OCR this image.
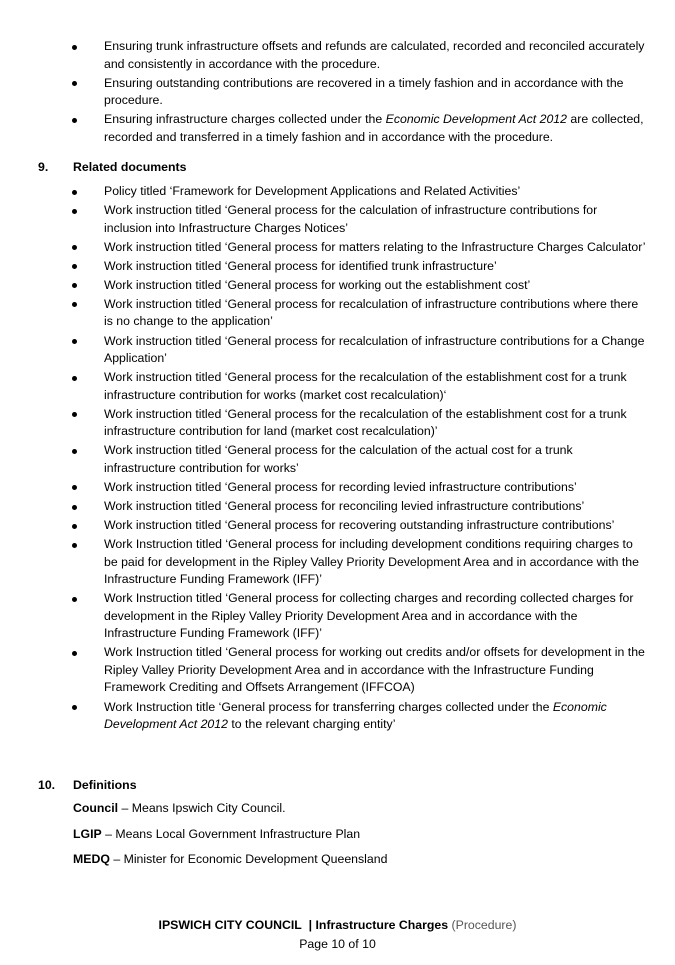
Ensuring trunk infrastructure offsets and refunds are calculated, recorded and reconciled accurately and consistently in accordance with the procedure.
Ensuring outstanding contributions are recovered in a timely fashion and in accordance with the procedure.
Ensuring infrastructure charges collected under the Economic Development Act 2012 are collected, recorded and transferred in a timely fashion and in accordance with the procedure.
9. Related documents
Policy titled ‘Framework for Development Applications and Related Activities’
Work instruction titled ‘General process for the calculation of infrastructure contributions for inclusion into Infrastructure Charges Notices’
Work instruction titled ‘General process for matters relating to the Infrastructure Charges Calculator’
Work instruction titled ‘General process for identified trunk infrastructure’
Work instruction titled ‘General process for working out the establishment cost’
Work instruction titled ‘General process for recalculation of infrastructure contributions where there is no change to the application’
Work instruction titled ‘General process for recalculation of infrastructure contributions for a Change Application’
Work instruction titled ‘General process for the recalculation of the establishment cost for a trunk infrastructure contribution for works (market cost recalculation)‘
Work instruction titled ‘General process for the recalculation of the establishment cost for a trunk infrastructure contribution for land (market cost recalculation)’
Work instruction titled ‘General process for the calculation of the actual cost for a trunk infrastructure contribution for works’
Work instruction titled ‘General process for recording levied infrastructure contributions’
Work instruction titled ‘General process for reconciling levied infrastructure contributions’
Work instruction titled ‘General process for recovering outstanding infrastructure contributions’
Work Instruction titled ‘General process for including development conditions requiring charges to be paid for development in the Ripley Valley Priority Development Area and in accordance with the Infrastructure Funding Framework (IFF)’
Work Instruction titled ‘General process for collecting charges and recording collected charges for development in the Ripley Valley Priority Development Area and in accordance with the Infrastructure Funding Framework (IFF)’
Work Instruction titled ‘General process for working out credits and/or offsets for development in the Ripley Valley Priority Development Area and in accordance with the Infrastructure Funding Framework Crediting and Offsets Arrangement (IFFCOA)
Work Instruction title ‘General process for transferring charges collected under the Economic Development Act 2012 to the relevant charging entity’
10. Definitions
Council – Means Ipswich City Council.
LGIP – Means Local Government Infrastructure Plan
MEDQ – Minister for Economic Development Queensland
IPSWICH CITY COUNCIL | Infrastructure Charges (Procedure)
Page 10 of 10
